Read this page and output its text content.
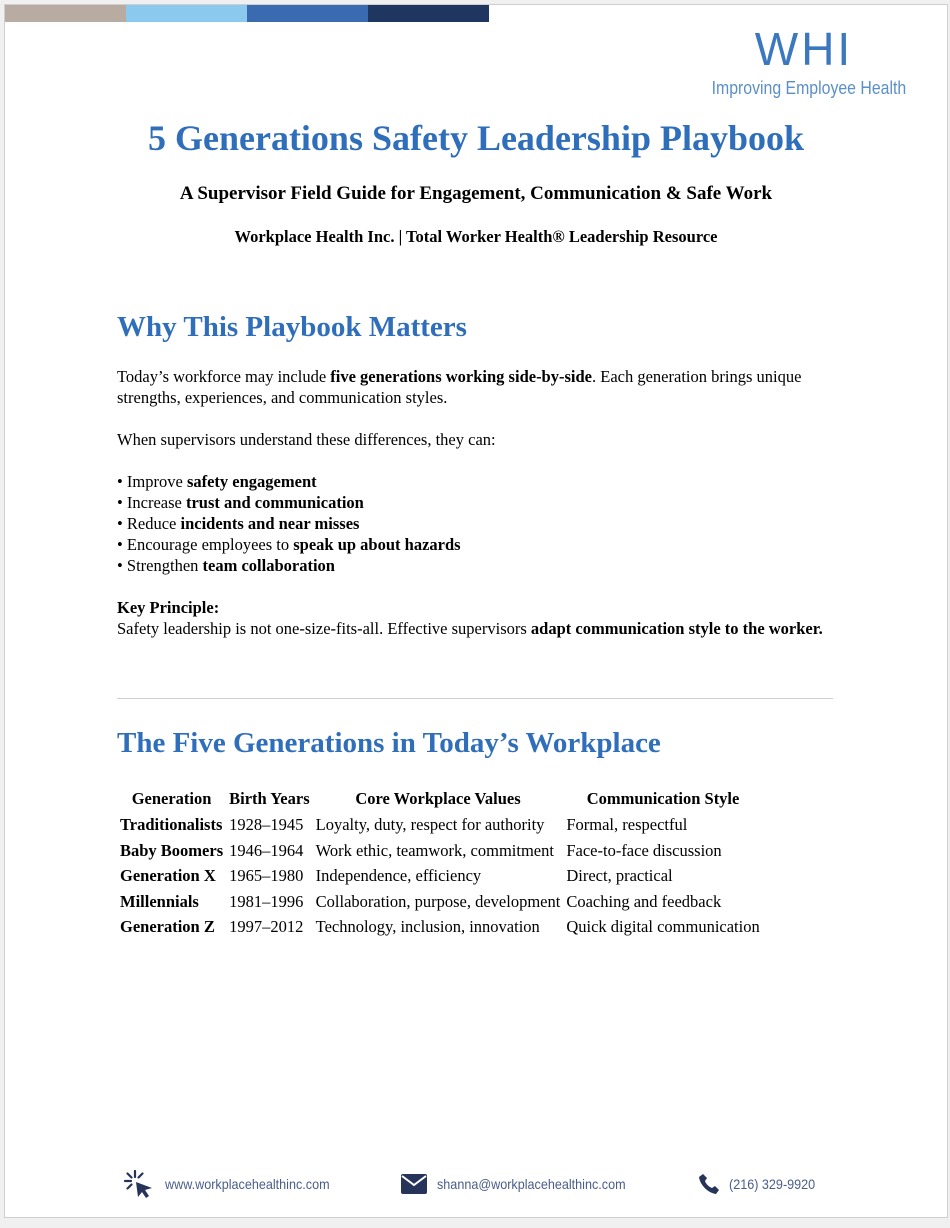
WHI
Improving Employee Health
5 Generations Safety Leadership Playbook
A Supervisor Field Guide for Engagement, Communication & Safe Work
Workplace Health Inc. | Total Worker Health® Leadership Resource
Why This Playbook Matters

Today’s workforce may include five generations working side-by-side. Each generation brings unique strengths, experiences, and communication styles.

When supervisors understand these differences, they can:

• Improve safety engagement

• Increase trust and communication

• Reduce incidents and near misses

• Encourage employees to speak up about hazards

• Strengthen team collaboration

Key Principle:

Safety leadership is not one-size-fits-all. Effective supervisors adapt communication style to the worker.

The Five Generations in Today’s Workplace
Generation	Birth Years	Core Workplace Values	Communication Style
Traditionalists	1928–1945	Loyalty, duty, respect for authority	Formal, respectful
Baby Boomers	1946–1964	Work ethic, teamwork, commitment	Face-to-face discussion
Generation X	1965–1980	Independence, efficiency	Direct, practical
Millennials	1981–1996	Collaboration, purpose, development	Coaching and feedback
Generation Z	1997–2012	Technology, inclusion, innovation	Quick digital communication
www.workplacehealthinc.com	shanna@workplacehealthinc.com	(216) 329-9920
